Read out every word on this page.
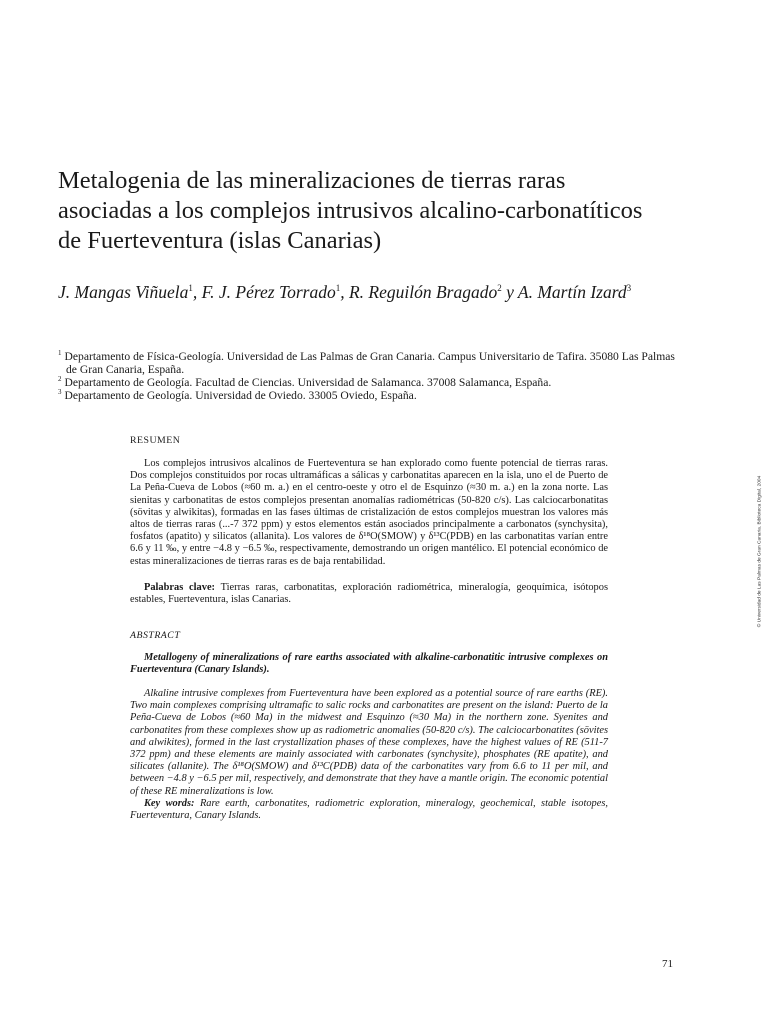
Metalogenia de las mineralizaciones de tierras raras asociadas a los complejos intrusivos alcalino-carbonatíticos de Fuerteventura (islas Canarias)
J. Mangas Viñuela$^1$, F. J. Pérez Torrado$^1$, R. Reguilón Bragado$^2$ y A. Martín Izard$^3$

$^1$ Departamento de Física-Geología. Universidad de Las Palmas de Gran Canaria. Campus Universitario de Tafira. 35080 Las Palmas de Gran Canaria, España.

$^2$ Departamento de Geología. Facultad de Ciencias. Universidad de Salamanca. 37008 Salamanca, España.

$^3$ Departamento de Geología. Universidad de Oviedo. 33005 Oviedo, España.

RESUMEN

Los complejos intrusivos alcalinos de Fuerteventura se han explorado como fuente potencial de tierras raras. Dos complejos constituidos por rocas ultramáficas a sálicas y carbonatitas aparecen en la isla, uno el de Puerto de La Peña-Cueva de Lobos (≈60 m. a.) en el centro-oeste y otro el de Esquinzo (≈30 m. a.) en la zona norte. Las sienitas y carbonatitas de estos complejos presentan anomalías radiométricas (50-820 c/s). Las calciocarbonatitas (sövitas y alwikitas), formadas en las fases últimas de cristalización de estos complejos muestran los valores más altos de tierras raras (...-7 372 ppm) y estos elementos están asociados principalmente a carbonatos (synchysita), fosfatos (apatito) y silicatos (allanita). Los valores de δ¹⁸O(SMOW) y δ¹³C(PDB) en las carbonatitas varían entre 6.6 y 11 ‰, y entre −4.8 y −6.5 ‰, respectivamente, demostrando un origen mantélico. El potencial económico de estas mineralizaciones de tierras raras es de baja rentabilidad.

Palabras clave: Tierras raras, carbonatitas, exploración radiométrica, mineralogía, geoquímica, isótopos estables, Fuerteventura, islas Canarias.

ABSTRACT

Metallogeny of mineralizations of rare earths associated with alkaline-carbonatitic intrusive complexes on Fuerteventura (Canary Islands).

Alkaline intrusive complexes from Fuerteventura have been explored as a potential source of rare earths (RE). Two main complexes comprising ultramafic to salic rocks and carbonatites are present on the island: Puerto de la Peña-Cueva de Lobos (≈60 Ma) in the midwest and Esquinzo (≈30 Ma) in the northern zone. Syenites and carbonatites from these complexes show up as radiometric anomalies (50-820 c/s). The calciocarbonatites (sövites and alwikites), formed in the last crystallization phases of these complexes, have the highest values of RE (511-7 372 ppm) and these elements are mainly associated with carbonates (synchysite), phosphates (RE apatite), and silicates (allanite). The δ¹⁸O(SMOW) and δ¹³C(PDB) data of the carbonatites vary from 6.6 to 11 per mil, and between −4.8 y −6.5 per mil, respectively, and demonstrate that they have a mantle origin. The economic potential of these RE mineralizations is low.

Key words: Rare earth, carbonatites, radiometric exploration, mineralogy, geochemical, stable isotopes, Fuerteventura, Canary Islands.

© Universidad de Las Palmas de Gran Canaria. Biblioteca Digital, 2004
71
